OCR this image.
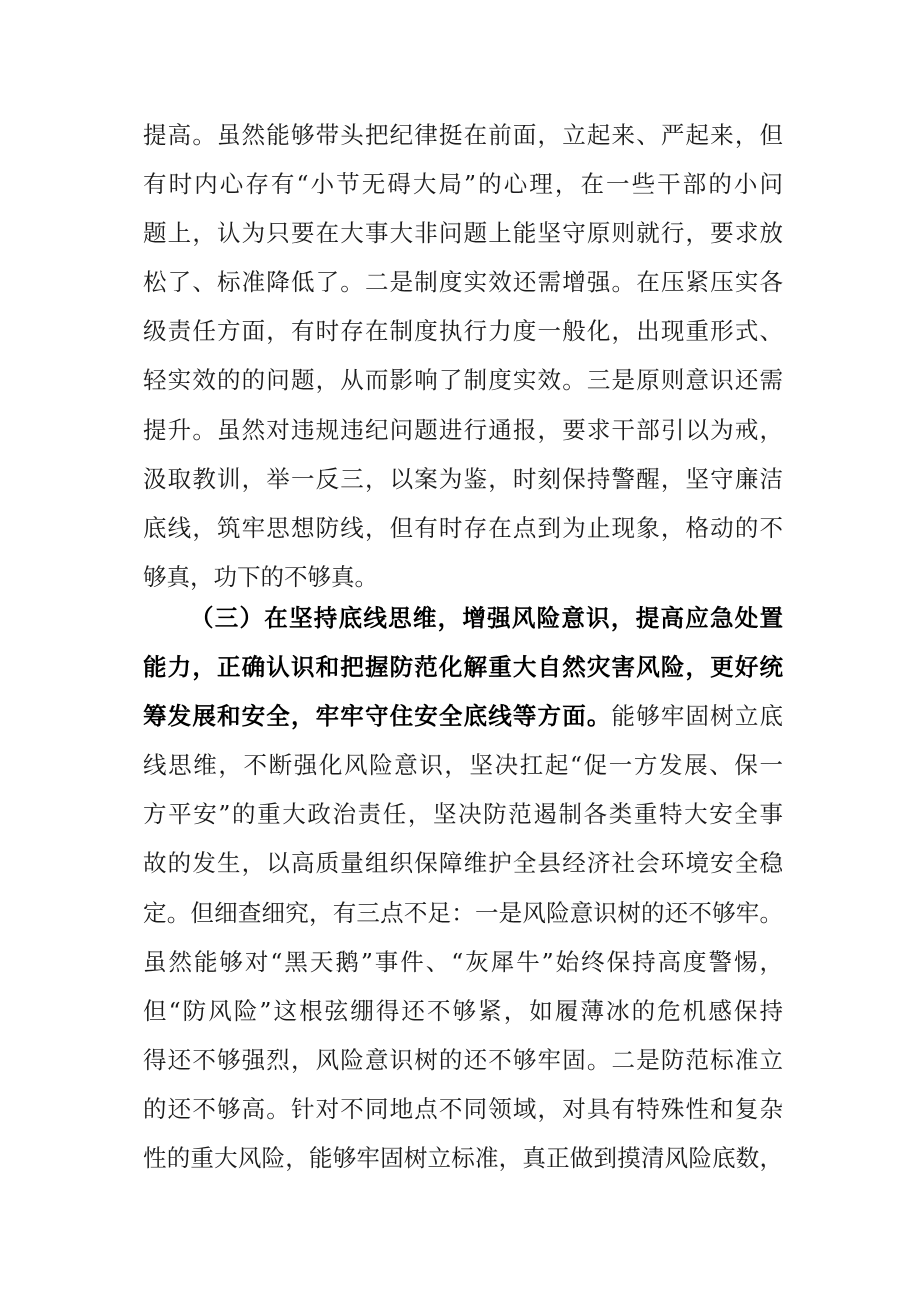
提高。虽然能够带头把纪律挺在前面，立起来、严起来，但
有时内心存有“小节无碍大局”的心理，在一些干部的小问
题上，认为只要在大事大非问题上能坚守原则就行，要求放
松了、标准降低了。二是制度实效还需增强。在压紧压实各
级责任方面，有时存在制度执行力度一般化，出现重形式、
轻实效的的问题，从而影响了制度实效。三是原则意识还需
提升。虽然对违规违纪问题进行通报，要求干部引以为戒，
汲取教训，举一反三，以案为鉴，时刻保持警醒，坚守廉洁
底线，筑牢思想防线，但有时存在点到为止现象，格动的不
够真，功下的不够真。
（三）在坚持底线思维，增强风险意识，提高应急处置
能力，正确认识和把握防范化解重大自然灾害风险，更好统
筹发展和安全，牢牢守住安全底线等方面。能够牢固树立底
线思维，不断强化风险意识，坚决扛起“促一方发展、保一
方平安”的重大政治责任，坚决防范遏制各类重特大安全事
故的发生，以高质量组织保障维护全县经济社会环境安全稳
定。但细查细究，有三点不足：一是风险意识树的还不够牢。
虽然能够对“黑天鹅”事件、“灰犀牛”始终保持高度警惕，
但“防风险”这根弦绷得还不够紧，如履薄冰的危机感保持
得还不够强烈，风险意识树的还不够牢固。二是防范标准立
的还不够高。针对不同地点不同领域，对具有特殊性和复杂
性的重大风险，能够牢固树立标准，真正做到摸清风险底数，
